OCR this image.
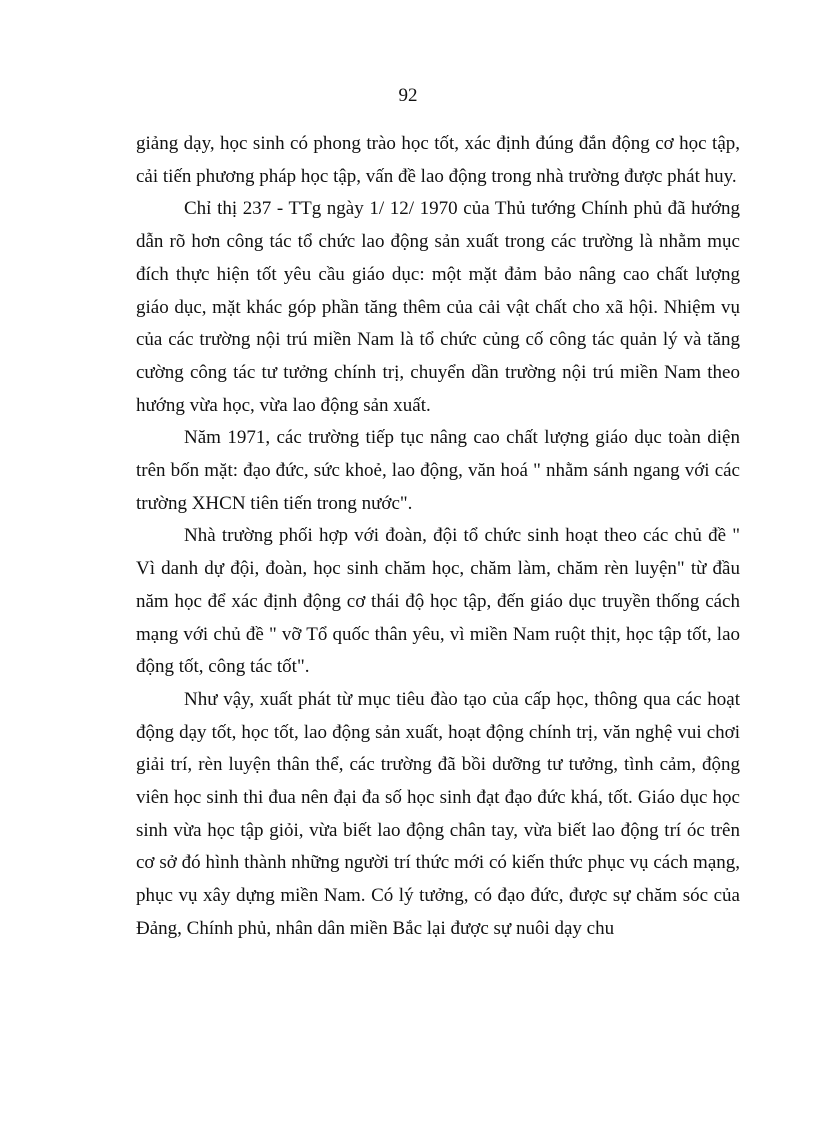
92

giảng dạy, học sinh có phong trào học tốt, xác định đúng đắn động cơ học tập, cải tiến phương pháp học tập, vấn đề lao động trong nhà trường được phát huy.

Chỉ thị 237 - TTg ngày 1/ 12/ 1970 của Thủ tướng Chính phủ đã hướng dẫn rõ hơn công tác tổ chức lao động sản xuất trong các trường là nhằm mục đích thực hiện tốt yêu cầu giáo dục: một mặt đảm bảo nâng cao chất lượng giáo dục, mặt khác góp phần tăng thêm của cải vật chất cho xã hội. Nhiệm vụ của các trường nội trú miền Nam là tổ chức củng cố công tác quản lý và tăng cường công tác tư tưởng chính trị, chuyển dần trường nội trú miền Nam theo hướng vừa học, vừa lao động sản xuất.

Năm 1971, các trường tiếp tục nâng cao chất lượng giáo dục toàn diện trên bốn mặt: đạo đức, sức khoẻ, lao động, văn hoá " nhằm sánh ngang với các trường XHCN tiên tiến trong nước".

Nhà trường phối hợp với đoàn, đội tổ chức sinh hoạt theo các chủ đề " Vì danh dự đội, đoàn, học sinh chăm học, chăm làm, chăm rèn luyện" từ đầu năm học để xác định động cơ thái độ học tập, đến giáo dục truyền thống cách mạng với chủ đề " vỡ Tổ quốc thân yêu, vì miền Nam ruột thịt, học tập tốt, lao động tốt, công tác tốt".

Như vậy, xuất phát từ mục tiêu đào tạo của cấp học, thông qua các hoạt động dạy tốt, học tốt, lao động sản xuất, hoạt động chính trị, văn nghệ vui chơi giải trí, rèn luyện thân thể, các trường đã bồi dưỡng tư tưởng, tình cảm, động viên học sinh thi đua nên đại đa số học sinh đạt đạo đức khá, tốt. Giáo dục học sinh vừa học tập giỏi, vừa biết lao động chân tay, vừa biết lao động trí óc trên cơ sở đó hình thành những người trí thức mới có kiến thức phục vụ cách mạng, phục vụ xây dựng miền Nam. Có lý tưởng, có đạo đức, được sự chăm sóc của Đảng, Chính phủ, nhân dân miền Bắc lại được sự nuôi dạy chu
